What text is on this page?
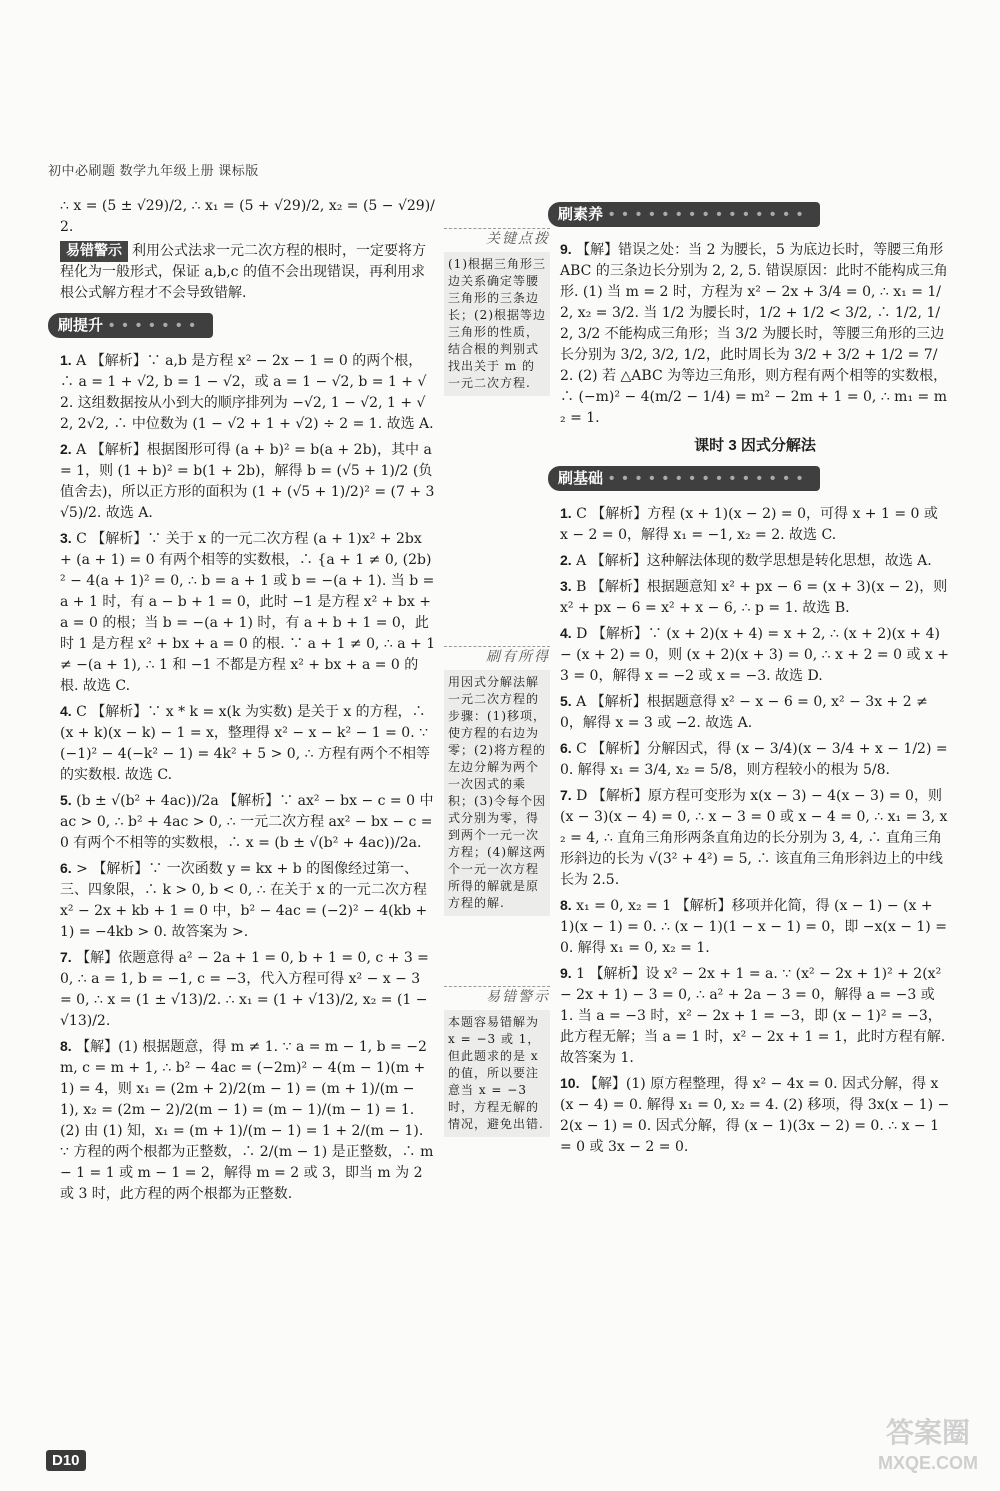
初中必刷题 数学九年级上册 课标版

∴ x = (5 ± √29)/2, ∴ x₁ = (5 + √29)/2, x₂ = (5 − √29)/2.

易错警示 利用公式法求一元二次方程的根时，一定要将方程化为一般形式，保证 a,b,c 的值不会出现错误，再利用求根公式解方程才不会导致错解.

刷提升 • • • • • • •

1. A 【解析】∵ a,b 是方程 x² − 2x − 1 = 0 的两个根，∴ a = 1 + √2, b = 1 − √2，或 a = 1 − √2, b = 1 + √2. 这组数据按从小到大的顺序排列为 −√2, 1 − √2, 1 + √2, 2√2, ∴ 中位数为 (1 − √2 + 1 + √2) ÷ 2 = 1. 故选 A.

2. A 【解析】根据图形可得 (a + b)² = b(a + 2b)，其中 a = 1，则 (1 + b)² = b(1 + 2b)，解得 b = (√5 + 1)/2 (负值舍去)，所以正方形的面积为 (1 + (√5 + 1)/2)² = (7 + 3√5)/2. 故选 A.

3. C 【解析】∵ 关于 x 的一元二次方程 (a + 1)x² + 2bx + (a + 1) = 0 有两个相等的实数根，∴ {a + 1 ≠ 0, (2b)² − 4(a + 1)² = 0, ∴ b = a + 1 或 b = −(a + 1). 当 b = a + 1 时，有 a − b + 1 = 0，此时 −1 是方程 x² + bx + a = 0 的根；当 b = −(a + 1) 时，有 a + b + 1 = 0，此时 1 是方程 x² + bx + a = 0 的根. ∵ a + 1 ≠ 0, ∴ a + 1 ≠ −(a + 1), ∴ 1 和 −1 不都是方程 x² + bx + a = 0 的根. 故选 C.

4. C 【解析】∵ x * k = x(k 为实数) 是关于 x 的方程，∴ (x + k)(x − k) − 1 = x，整理得 x² − x − k² − 1 = 0. ∵ (−1)² − 4(−k² − 1) = 4k² + 5 > 0, ∴ 方程有两个不相等的实数根. 故选 C.

5. (b ± √(b² + 4ac))/2a 【解析】∵ ax² − bx − c = 0 中 ac > 0, ∴ b² + 4ac > 0, ∴ 一元二次方程 ax² − bx − c = 0 有两个不相等的实数根，∴ x = (b ± √(b² + 4ac))/2a.

6. > 【解析】∵ 一次函数 y = kx + b 的图像经过第一、三、四象限，∴ k > 0, b < 0, ∴ 在关于 x 的一元二次方程 x² − 2x + kb + 1 = 0 中，b² − 4ac = (−2)² − 4(kb + 1) = −4kb > 0. 故答案为 >.

7. 【解】依题意得 a² − 2a + 1 = 0, b + 1 = 0, c + 3 = 0, ∴ a = 1, b = −1, c = −3，代入方程可得 x² − x − 3 = 0, ∴ x = (1 ± √13)/2. ∴ x₁ = (1 + √13)/2, x₂ = (1 − √13)/2.

8. 【解】(1) 根据题意，得 m ≠ 1. ∵ a = m − 1, b = −2m, c = m + 1, ∴ b² − 4ac = (−2m)² − 4(m − 1)(m + 1) = 4，则 x₁ = (2m + 2)/2(m − 1) = (m + 1)/(m − 1), x₂ = (2m − 2)/2(m − 1) = (m − 1)/(m − 1) = 1. (2) 由 (1) 知，x₁ = (m + 1)/(m − 1) = 1 + 2/(m − 1). ∵ 方程的两个根都为正整数，∴ 2/(m − 1) 是正整数，∴ m − 1 = 1 或 m − 1 = 2，解得 m = 2 或 3，即当 m 为 2 或 3 时，此方程的两个根都为正整数.

关键点拨
(1)根据三角形三边关系确定等腰三角形的三条边长；(2)根据等边三角形的性质，结合根的判别式找出关于 m 的一元二次方程.
刷有所得
用因式分解法解一元二次方程的步骤：(1)移项，使方程的右边为零；(2)将方程的左边分解为两个一次因式的乘积；(3)令每个因式分别为零，得到两个一元一次方程；(4)解这两个一元一次方程所得的解就是原方程的解.
易错警示
本题容易错解为 x = −3 或 1，但此题求的是 x 的值，所以要注意当 x = −3 时，方程无解的情况，避免出错.
刷素养 • • • • • • • • • • • • • • •

9. 【解】错误之处：当 2 为腰长，5 为底边长时，等腰三角形 ABC 的三条边长分别为 2, 2, 5. 错误原因：此时不能构成三角形. (1) 当 m = 2 时，方程为 x² − 2x + 3/4 = 0, ∴ x₁ = 1/2, x₂ = 3/2. 当 1/2 为腰长时，1/2 + 1/2 < 3/2, ∴ 1/2, 1/2, 3/2 不能构成三角形；当 3/2 为腰长时，等腰三角形的三边长分别为 3/2, 3/2, 1/2，此时周长为 3/2 + 3/2 + 1/2 = 7/2. (2) 若 △ABC 为等边三角形，则方程有两个相等的实数根，∴ (−m)² − 4(m/2 − 1/4) = m² − 2m + 1 = 0, ∴ m₁ = m₂ = 1.

课时 3 因式分解法
刷基础 • • • • • • • • • • • • • • •

1. C 【解析】方程 (x + 1)(x − 2) = 0，可得 x + 1 = 0 或 x − 2 = 0，解得 x₁ = −1, x₂ = 2. 故选 C.

2. A 【解析】这种解法体现的数学思想是转化思想，故选 A.

3. B 【解析】根据题意知 x² + px − 6 = (x + 3)(x − 2)，则 x² + px − 6 = x² + x − 6, ∴ p = 1. 故选 B.

4. D 【解析】∵ (x + 2)(x + 4) = x + 2, ∴ (x + 2)(x + 4) − (x + 2) = 0，则 (x + 2)(x + 3) = 0, ∴ x + 2 = 0 或 x + 3 = 0，解得 x = −2 或 x = −3. 故选 D.

5. A 【解析】根据题意得 x² − x − 6 = 0, x² − 3x + 2 ≠ 0，解得 x = 3 或 −2. 故选 A.

6. C 【解析】分解因式，得 (x − 3/4)(x − 3/4 + x − 1/2) = 0. 解得 x₁ = 3/4, x₂ = 5/8，则方程较小的根为 5/8.

7. D 【解析】原方程可变形为 x(x − 3) − 4(x − 3) = 0，则 (x − 3)(x − 4) = 0, ∴ x − 3 = 0 或 x − 4 = 0, ∴ x₁ = 3, x₂ = 4, ∴ 直角三角形两条直角边的长分别为 3, 4, ∴ 直角三角形斜边的长为 √(3² + 4²) = 5, ∴ 该直角三角形斜边上的中线长为 2.5.

8. x₁ = 0, x₂ = 1 【解析】移项并化简，得 (x − 1) − (x + 1)(x − 1) = 0. ∴ (x − 1)(1 − x − 1) = 0，即 −x(x − 1) = 0. 解得 x₁ = 0, x₂ = 1.

9. 1 【解析】设 x² − 2x + 1 = a. ∵ (x² − 2x + 1)² + 2(x² − 2x + 1) − 3 = 0, ∴ a² + 2a − 3 = 0，解得 a = −3 或 1. 当 a = −3 时，x² − 2x + 1 = −3，即 (x − 1)² = −3，此方程无解；当 a = 1 时，x² − 2x + 1 = 1，此时方程有解. 故答案为 1.

10. 【解】(1) 原方程整理，得 x² − 4x = 0. 因式分解，得 x(x − 4) = 0. 解得 x₁ = 0, x₂ = 4. (2) 移项，得 3x(x − 1) − 2(x − 1) = 0. 因式分解，得 (x − 1)(3x − 2) = 0. ∴ x − 1 = 0 或 3x − 2 = 0.

D10
答案圈
MXQE.COM
